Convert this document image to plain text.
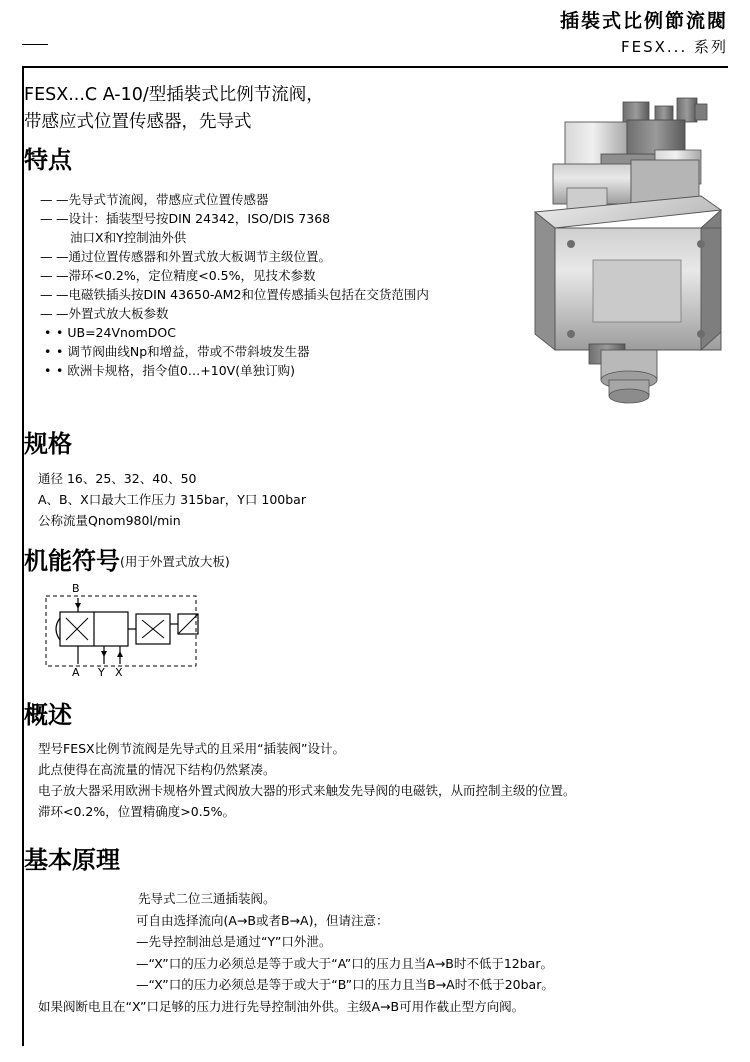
插裝式比例節流閥
FESX... 系列
FESX...C A-10/型插裝式比例节流阀，
带感应式位置传感器，先导式
特点
— —先导式节流阀，带感应式位置传感器
— —设计：插装型号按DIN 24342，ISO/DIS 7368
油口X和Y控制油外供
— —通过位置传感器和外置式放大板调节主级位置。
— —滞环<0.2%，定位精度<0.5%，见技术参数
— —电磁铁插头按DIN 43650-AM2和位置传感插头包括在交货范围内
— —外置式放大板参数
• • UB=24VnomDOC
• • 调节阀曲线Np和增益，带或不带斜坡发生器
• • 欧洲卡规格，指令值0…+10V(单独订购)
规格
通径 16、25、32、40、50
A、B、X口最大工作压力 315bar，Y口 100bar
公称流量Qnom980l/min
机能符号$^{(用于外置式放大板)}$
B
A Y X
概述
型号FESX比例节流阀是先导式的且采用“插装阀”设计。
此点使得在高流量的情况下结构仍然紧凑。
电子放大器采用欧洲卡规格外置式阀放大器的形式来触发先导阀的电磁铁，从而控制主级的位置。
滞环<0.2%，位置精确度>0.5%。
基本原理
先导式二位三通插装阀。
可自由选择流向(A→B或者B→A)，但请注意：
—先导控制油总是通过“Y”口外泄。
—“X”口的压力必须总是等于或大于“A”口的压力且当A→B时不低于12bar。
—“X”口的压力必须总是等于或大于“B”口的压力且当B→A时不低于20bar。
如果阀断电且在“X”口足够的压力进行先导控制油外供。主级A→B可用作截止型方向阀。
